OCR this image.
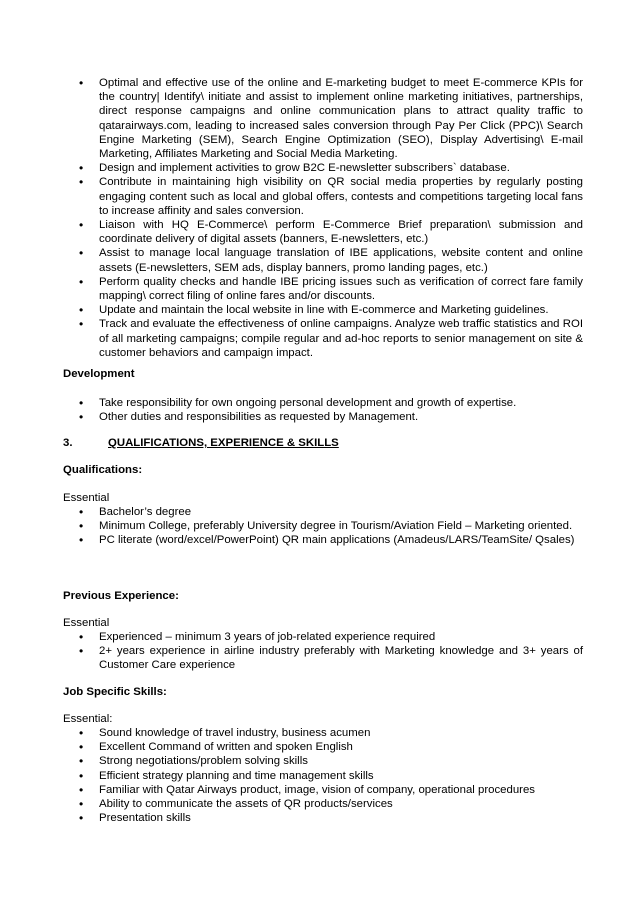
• Optimal and effective use of the online and E-marketing budget to meet E-commerce KPIs for the country| Identify\ initiate and assist to implement online marketing initiatives, partnerships, direct response campaigns and online communication plans to attract quality traffic to qatarairways.com, leading to increased sales conversion through Pay Per Click (PPC)\ Search Engine Marketing (SEM), Search Engine Optimization (SEO), Display Advertising\ E-mail Marketing, Affiliates Marketing and Social Media Marketing.
• Design and implement activities to grow B2C E-newsletter subscribers` database.
• Contribute in maintaining high visibility on QR social media properties by regularly posting engaging content such as local and global offers, contests and competitions targeting local fans to increase affinity and sales conversion.
• Liaison with HQ E-Commerce\ perform E-Commerce Brief preparation\ submission and coordinate delivery of digital assets (banners, E-newsletters, etc.)
• Assist to manage local language translation of IBE applications, website content and online assets (E-newsletters, SEM ads, display banners, promo landing pages, etc.)
• Perform quality checks and handle IBE pricing issues such as verification of correct fare family mapping\ correct filing of online fares and/or discounts.
• Update and maintain the local website in line with E-commerce and Marketing guidelines.
• Track and evaluate the effectiveness of online campaigns. Analyze web traffic statistics and ROI of all marketing campaigns; compile regular and ad-hoc reports to senior management on site & customer behaviors and campaign impact.
Development
• Take responsibility for own ongoing personal development and growth of expertise.
• Other duties and responsibilities as requested by Management.
3.	QUALIFICATIONS, EXPERIENCE & SKILLS
Qualifications:
Essential
• Bachelor’s degree
• Minimum College, preferably University degree in Tourism/Aviation Field – Marketing oriented.
• PC literate (word/excel/PowerPoint) QR main applications (Amadeus/LARS/TeamSite/ Qsales)
Previous Experience:
Essential
• Experienced – minimum 3 years of job-related experience required
• 2+ years experience in airline industry preferably with Marketing knowledge and 3+ years of Customer Care experience
Job Specific Skills:
Essential:
• Sound knowledge of travel industry, business acumen
• Excellent Command of written and spoken English
• Strong negotiations/problem solving skills
• Efficient strategy planning and time management skills
• Familiar with Qatar Airways product, image, vision of company, operational procedures
• Ability to communicate the assets of QR products/services
• Presentation skills
